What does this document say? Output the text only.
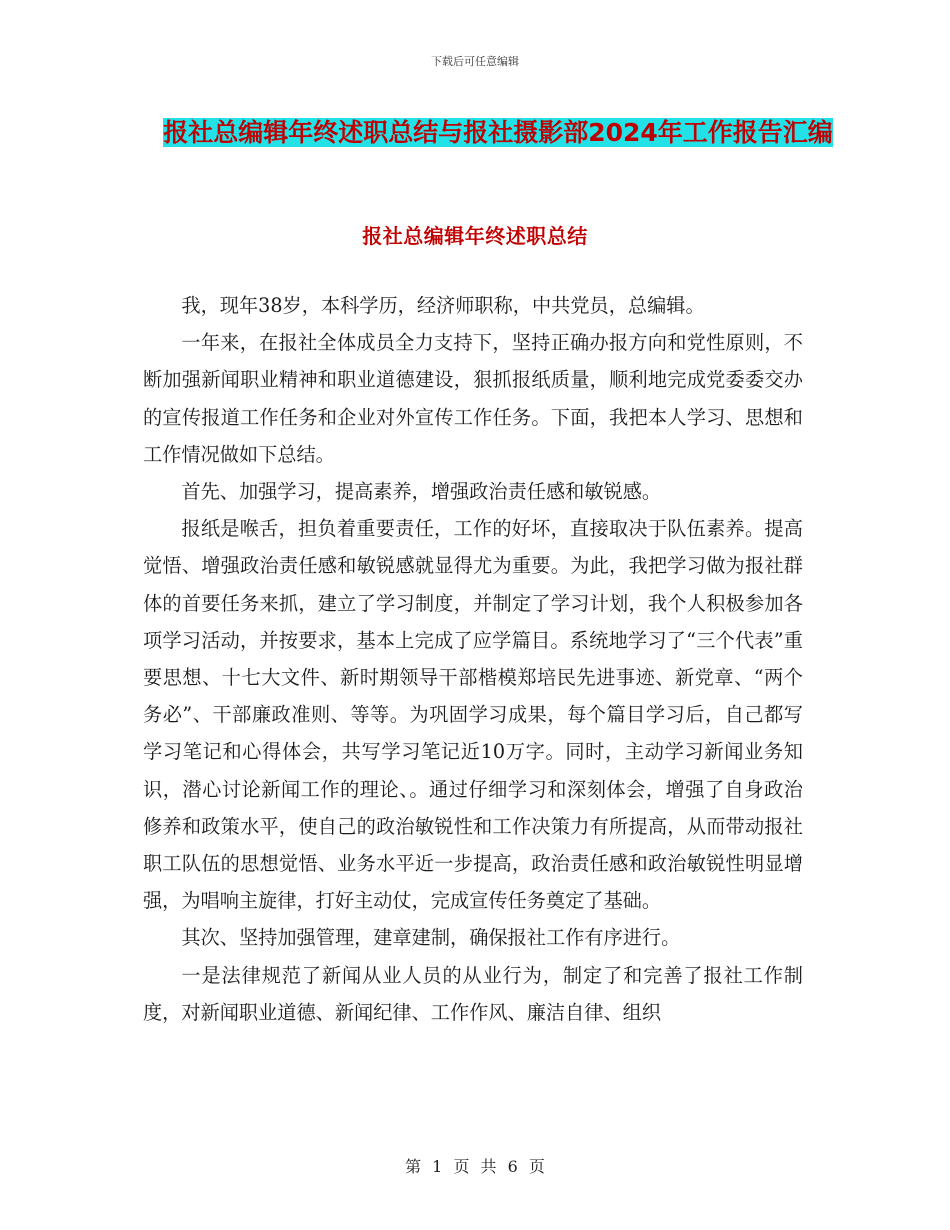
下载后可任意编辑
报社总编辑年终述职总结与报社摄影部2024年工作报告汇编
报社总编辑年终述职总结

我，现年38岁，本科学历，经济师职称，中共党员，总编辑。

一年来，在报社全体成员全力支持下，坚持正确办报方向和党性原则，不断加强新闻职业精神和职业道德建设，狠抓报纸质量，顺利地完成党委委交办的宣传报道工作任务和企业对外宣传工作任务。下面，我把本人学习、思想和工作情况做如下总结。

首先、加强学习，提高素养，增强政治责任感和敏锐感。

报纸是喉舌，担负着重要责任，工作的好坏，直接取决于队伍素养。提高觉悟、增强政治责任感和敏锐感就显得尤为重要。为此，我把学习做为报社群体的首要任务来抓，建立了学习制度，并制定了学习计划，我个人积极参加各项学习活动，并按要求，基本上完成了应学篇目。系统地学习了“三个代表”重要思想、十七大文件、新时期领导干部楷模郑培民先进事迹、新党章、“两个务必”、干部廉政准则、等等。为巩固学习成果，每个篇目学习后，自己都写学习笔记和心得体会，共写学习笔记近10万字。同时，主动学习新闻业务知识，潜心讨论新闻工作的理论、。通过仔细学习和深刻体会，增强了自身政治修养和政策水平，使自己的政治敏锐性和工作决策力有所提高，从而带动报社职工队伍的思想觉悟、业务水平近一步提高，政治责任感和政治敏锐性明显增强，为唱响主旋律，打好主动仗，完成宣传任务奠定了基础。

其次、坚持加强管理，建章建制，确保报社工作有序进行。

一是法律规范了新闻从业人员的从业行为，制定了和完善了报社工作制度，对新闻职业道德、新闻纪律、工作作风、廉洁自律、组织

第 1 页 共 6 页
